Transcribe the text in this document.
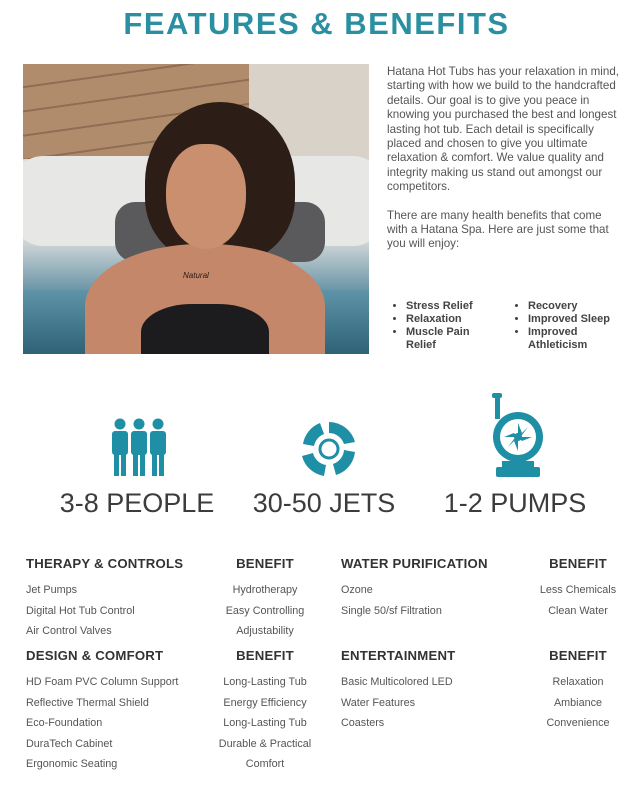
FEATURES & BENEFITS
Natural

Hatana Hot Tubs has your relaxation in mind, starting with how we build to the handcrafted details. Our goal is to give you peace in knowing you purchased the best and longest lasting hot tub. Each detail is specifically placed and chosen to give you ultimate relaxation & comfort. We value quality and integrity making us stand out amongst our competitors.

There are many health benefits that come with a Hatana Spa. Here are just some that you will enjoy:

• Stress Relief
• Relaxation
• Muscle Pain Relief
• Recovery
• Improved Sleep
• Improved Athleticism
3-8 PEOPLE	30-50 JETS	1-2 PUMPS
THERAPY & CONTROLS
Jet Pumps
Digital Hot Tub Control
Air Control Valves
BENEFIT
Hydrotherapy
Easy Controlling
Adjustability
WATER PURIFICATION
Ozone
Single 50/sf Filtration
BENEFIT
Less Chemicals
Clean Water
DESIGN & COMFORT
HD Foam PVC Column Support
Reflective Thermal Shield
Eco-Foundation
DuraTech Cabinet
Ergonomic Seating
BENEFIT
Long-Lasting Tub
Energy Efficiency
Long-Lasting Tub
Durable & Practical
Comfort
ENTERTAINMENT
Basic Multicolored LED
Water Features
Coasters
BENEFIT
Relaxation
Ambiance
Convenience
